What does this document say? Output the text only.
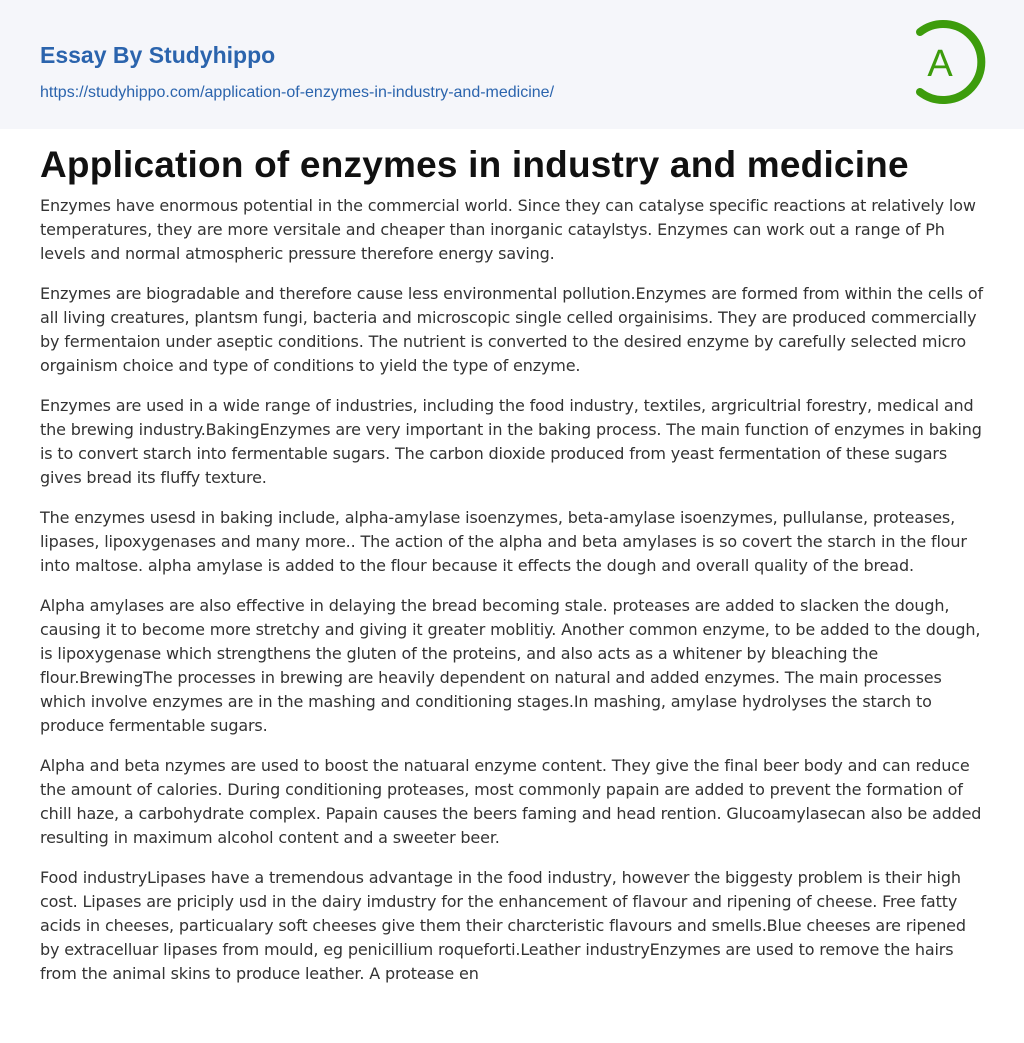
Essay By Studyhippo
https://studyhippo.com/application-of-enzymes-in-industry-and-medicine/
A
Application of enzymes in industry and medicine

Enzymes have enormous potential in the commercial world. Since they can catalyse specific reactions at relatively low temperatures, they are more versitale and cheaper than inorganic cataylstys. Enzymes can work out a range of Ph levels and normal atmospheric pressure therefore energy saving.

Enzymes are biogradable and therefore cause less environmental pollution.Enzymes are formed from within the cells of all living creatures, plantsm fungi, bacteria and microscopic single celled orgainisims. They are produced commercially by fermentaion under aseptic conditions. The nutrient is converted to the desired enzyme by carefully selected micro orgainism choice and type of conditions to yield the type of enzyme.

Enzymes are used in a wide range of industries, including the food industry, textiles, argricultrial forestry, medical and the brewing industry.BakingEnzymes are very important in the baking process. The main function of enzymes in baking is to convert starch into fermentable sugars. The carbon dioxide produced from yeast fermentation of these sugars gives bread its fluffy texture.

The enzymes usesd in baking include, alpha-amylase isoenzymes, beta-amylase isoenzymes, pullulanse, proteases, lipases, lipoxygenases and many more.. The action of the alpha and beta amylases is so covert the starch in the flour into maltose. alpha amylase is added to the flour because it effects the dough and overall quality of the bread.

Alpha amylases are also effective in delaying the bread becoming stale. proteases are added to slacken the dough, causing it to become more stretchy and giving it greater moblitiy. Another common enzyme, to be added to the dough, is lipoxygenase which strengthens the gluten of the proteins, and also acts as a whitener by bleaching the flour.BrewingThe processes in brewing are heavily dependent on natural and added enzymes. The main processes which involve enzymes are in the mashing and conditioning stages.In mashing, amylase hydrolyses the starch to produce fermentable sugars.

Alpha and beta nzymes are used to boost the natuaral enzyme content. They give the final beer body and can reduce the amount of calories. During conditioning proteases, most commonly papain are added to prevent the formation of chill haze, a carbohydrate complex. Papain causes the beers faming and head rention. Glucoamylasecan also be added resulting in maximum alcohol content and a sweeter beer.

Food industryLipases have a tremendous advantage in the food industry, however the biggesty problem is their high cost. Lipases are priciply usd in the dairy imdustry for the enhancement of flavour and ripening of cheese. Free fatty acids in cheeses, particualary soft cheeses give them their charcteristic flavours and smells.Blue cheeses are ripened by extracelluar lipases from mould, eg penicillium roqueforti.Leather industryEnzymes are used to remove the hairs from the animal skins to produce leather. A protease en
